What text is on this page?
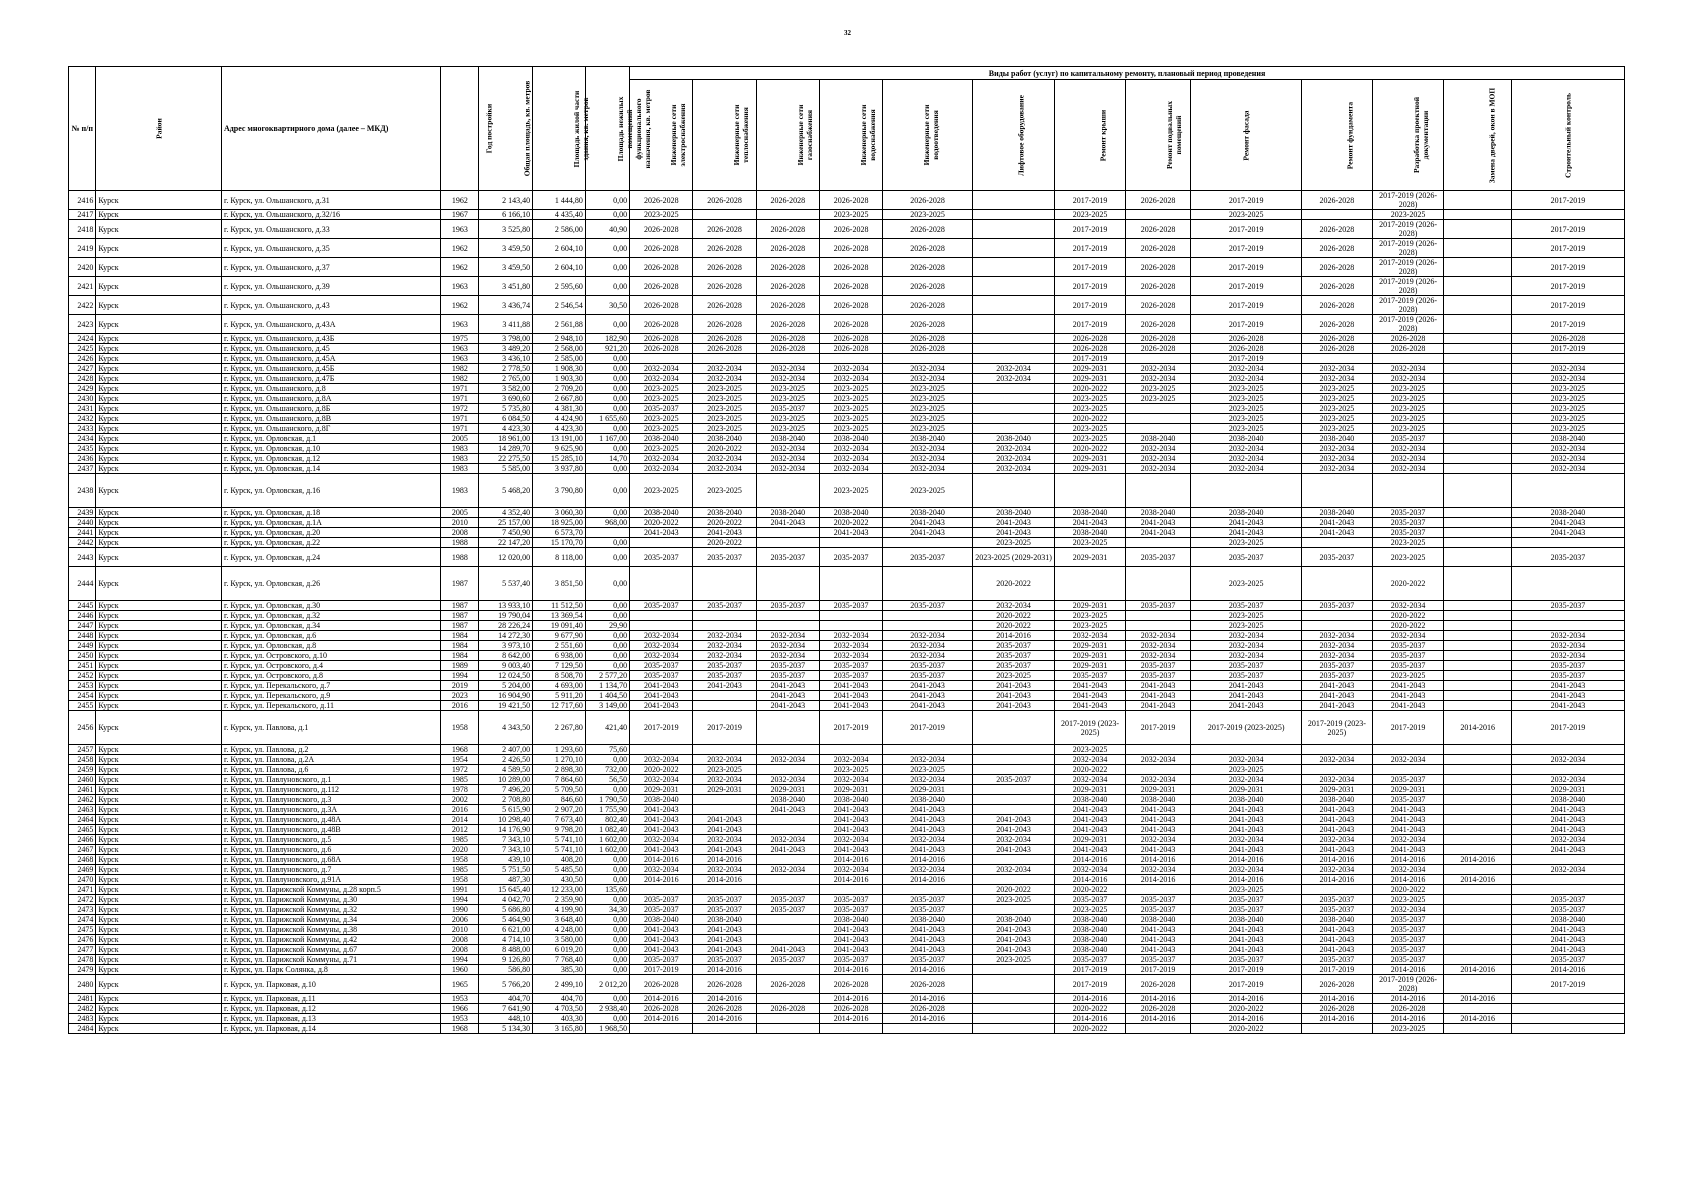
32
№ п/п	Район	Адрес многоквартирного дома (далее – МКД)	Год постройки	Общая площадь, кв. метров	Площадь жилой части здания, кв. метров	Площадь нежилых помещений функционального назначения, кв. метров	Виды работ (услуг) по капитальному ремонту, плановый период проведения												
							Инженерные сети электроснабжения	Инженерные сети теплоснабжения	Инженерные сети газоснабжения	Инженерные сети водоснабжения	Инженерные сети водоотведения	Лифтовое оборудование	Ремонт крыши	Ремонт подвальных помещений	Ремонт фасада	Ремонт фундамента	Разработка проектной документации	Замена дверей, окон в МОП	Строительный контроль
2416	Курск	г. Курск, ул. Ольшанского, д.31	1962	2 143,40	1 444,80	0,00	2026-2028	2026-2028	2026-2028	2026-2028	2026-2028		2017-2019	2026-2028	2017-2019	2026-2028	2017-2019 (2026-2028)		2017-2019
2417	Курск	г. Курск, ул. Ольшанского, д.32/16	1967	6 166,10	4 435,40	0,00	2023-2025			2023-2025	2023-2025		2023-2025		2023-2025		2023-2025		
2418	Курск	г. Курск, ул. Ольшанского, д.33	1963	3 525,80	2 586,00	40,90	2026-2028	2026-2028	2026-2028	2026-2028	2026-2028		2017-2019	2026-2028	2017-2019	2026-2028	2017-2019 (2026-2028)		2017-2019
2419	Курск	г. Курск, ул. Ольшанского, д.35	1962	3 459,50	2 604,10	0,00	2026-2028	2026-2028	2026-2028	2026-2028	2026-2028		2017-2019	2026-2028	2017-2019	2026-2028	2017-2019 (2026-2028)		2017-2019
2420	Курск	г. Курск, ул. Ольшанского, д.37	1962	3 459,50	2 604,10	0,00	2026-2028	2026-2028	2026-2028	2026-2028	2026-2028		2017-2019	2026-2028	2017-2019	2026-2028	2017-2019 (2026-2028)		2017-2019
2421	Курск	г. Курск, ул. Ольшанского, д.39	1963	3 451,80	2 595,60	0,00	2026-2028	2026-2028	2026-2028	2026-2028	2026-2028		2017-2019	2026-2028	2017-2019	2026-2028	2017-2019 (2026-2028)		2017-2019
2422	Курск	г. Курск, ул. Ольшанского, д.43	1962	3 436,74	2 546,54	30,50	2026-2028	2026-2028	2026-2028	2026-2028	2026-2028		2017-2019	2026-2028	2017-2019	2026-2028	2017-2019 (2026-2028)		2017-2019
2423	Курск	г. Курск, ул. Ольшанского, д.43А	1963	3 411,88	2 561,88	0,00	2026-2028	2026-2028	2026-2028	2026-2028	2026-2028		2017-2019	2026-2028	2017-2019	2026-2028	2017-2019 (2026-2028)		2017-2019
2424	Курск	г. Курск, ул. Ольшанского, д.43Б	1975	3 798,00	2 948,10	182,90	2026-2028	2026-2028	2026-2028	2026-2028	2026-2028		2026-2028	2026-2028	2026-2028	2026-2028	2026-2028		2026-2028
2425	Курск	г. Курск, ул. Ольшанского, д.45	1963	3 489,20	2 568,00	921,20	2026-2028	2026-2028	2026-2028	2026-2028	2026-2028		2026-2028	2026-2028	2026-2028	2026-2028	2026-2028		2017-2019
2426	Курск	г. Курск, ул. Ольшанского, д.45А	1963	3 436,10	2 585,00	0,00							2017-2019		2017-2019				
2427	Курск	г. Курск, ул. Ольшанского, д.45Б	1982	2 778,50	1 908,30	0,00	2032-2034	2032-2034	2032-2034	2032-2034	2032-2034	2032-2034	2029-2031	2032-2034	2032-2034	2032-2034	2032-2034		2032-2034
2428	Курск	г. Курск, ул. Ольшанского, д.47Б	1982	2 765,00	1 903,30	0,00	2032-2034	2032-2034	2032-2034	2032-2034	2032-2034	2032-2034	2029-2031	2032-2034	2032-2034	2032-2034	2032-2034		2032-2034
2429	Курск	г. Курск, ул. Ольшанского, д.8	1971	3 582,00	2 709,20	0,00	2023-2025	2023-2025	2023-2025	2023-2025	2023-2025		2020-2022	2023-2025	2023-2025	2023-2025	2023-2025		2023-2025
2430	Курск	г. Курск, ул. Ольшанского, д.8А	1971	3 690,60	2 667,80	0,00	2023-2025	2023-2025	2023-2025	2023-2025	2023-2025		2023-2025	2023-2025	2023-2025	2023-2025	2023-2025		2023-2025
2431	Курск	г. Курск, ул. Ольшанского, д.8Б	1972	5 735,80	4 381,30	0,00	2035-2037	2023-2025	2035-2037	2023-2025	2023-2025		2023-2025		2023-2025	2023-2025	2023-2025		2023-2025
2432	Курск	г. Курск, ул. Ольшанского, д.8В	1971	6 084,50	4 424,90	1 655,60	2023-2025	2023-2025	2023-2025	2023-2025	2023-2025		2020-2022		2023-2025	2023-2025	2023-2025		2023-2025
2433	Курск	г. Курск, ул. Ольшанского, д.8Г	1971	4 423,30	4 423,30	0,00	2023-2025	2023-2025	2023-2025	2023-2025	2023-2025		2023-2025		2023-2025	2023-2025	2023-2025		2023-2025
2434	Курск	г. Курск, ул. Орловская, д.1	2005	18 961,00	13 191,00	1 167,00	2038-2040	2038-2040	2038-2040	2038-2040	2038-2040	2038-2040	2023-2025	2038-2040	2038-2040	2038-2040	2035-2037		2038-2040
2435	Курск	г. Курск, ул. Орловская, д.10	1983	14 289,70	9 625,90	0,00	2023-2025	2020-2022	2032-2034	2032-2034	2032-2034	2032-2034	2020-2022	2032-2034	2032-2034	2032-2034	2032-2034		2032-2034
2436	Курск	г. Курск, ул. Орловская, д.12	1983	22 275,50	15 285,10	14,70	2032-2034	2032-2034	2032-2034	2032-2034	2032-2034	2032-2034	2029-2031	2032-2034	2032-2034	2032-2034	2032-2034		2032-2034
2437	Курск	г. Курск, ул. Орловская, д.14	1983	5 585,00	3 937,80	0,00	2032-2034	2032-2034	2032-2034	2032-2034	2032-2034	2032-2034	2029-2031	2032-2034	2032-2034	2032-2034	2032-2034		2032-2034
2438	Курск	г. Курск, ул. Орловская, д.16	1983	5 468,20	3 790,80	0,00	2023-2025	2023-2025		2023-2025	2023-2025								
2439	Курск	г. Курск, ул. Орловская, д.18	2005	4 352,40	3 060,30	0,00	2038-2040	2038-2040	2038-2040	2038-2040	2038-2040	2038-2040	2038-2040	2038-2040	2038-2040	2038-2040	2035-2037		2038-2040
2440	Курск	г. Курск, ул. Орловская, д.1А	2010	25 157,00	18 925,00	968,00	2020-2022	2020-2022	2041-2043	2020-2022	2041-2043	2041-2043	2041-2043	2041-2043	2041-2043	2041-2043	2035-2037		2041-2043
2441	Курск	г. Курск, ул. Орловская, д.20	2008	7 450,90	6 573,70		2041-2043	2041-2043		2041-2043	2041-2043	2041-2043	2038-2040	2041-2043	2041-2043	2041-2043	2035-2037		2041-2043
2442	Курск	г. Курск, ул. Орловская, д.22	1988	22 147,20	15 170,70	0,00		2020-2022				2023-2025	2023-2025		2023-2025		2023-2025		
2443	Курск	г. Курск, ул. Орловская, д.24	1988	12 020,00	8 118,00	0,00	2035-2037	2035-2037	2035-2037	2035-2037	2035-2037	2023-2025 (2029-2031)	2029-2031	2035-2037	2035-2037	2035-2037	2023-2025		2035-2037
2444	Курск	г. Курск, ул. Орловская, д.26	1987	5 537,40	3 851,50	0,00						2020-2022			2023-2025		2020-2022		
2445	Курск	г. Курск, ул. Орловская, д.30	1987	13 933,10	11 512,50	0,00	2035-2037	2035-2037	2035-2037	2035-2037	2035-2037	2032-2034	2029-2031	2035-2037	2035-2037	2035-2037	2032-2034		2035-2037
2446	Курск	г. Курск, ул. Орловская, д.32	1987	19 790,04	13 369,54	0,00						2020-2022	2023-2025		2023-2025		2020-2022		
2447	Курск	г. Курск, ул. Орловская, д.34	1987	28 226,24	19 091,40	29,90						2020-2022	2023-2025		2023-2025		2020-2022		
2448	Курск	г. Курск, ул. Орловская, д.6	1984	14 272,30	9 677,90	0,00	2032-2034	2032-2034	2032-2034	2032-2034	2032-2034	2014-2016	2032-2034	2032-2034	2032-2034	2032-2034	2032-2034		2032-2034
2449	Курск	г. Курск, ул. Орловская, д.8	1984	3 973,10	2 551,60	0,00	2032-2034	2032-2034	2032-2034	2032-2034	2032-2034	2035-2037	2029-2031	2032-2034	2032-2034	2032-2034	2035-2037		2032-2034
2450	Курск	г. Курск, ул. Островского, д.10	1984	8 642,00	6 938,00	0,00	2032-2034	2032-2034	2032-2034	2032-2034	2032-2034	2035-2037	2029-2031	2032-2034	2032-2034	2032-2034	2035-2037		2032-2034
2451	Курск	г. Курск, ул. Островского, д.4	1989	9 003,40	7 129,50	0,00	2035-2037	2035-2037	2035-2037	2035-2037	2035-2037	2035-2037	2029-2031	2035-2037	2035-2037	2035-2037	2035-2037		2035-2037
2452	Курск	г. Курск, ул. Островского, д.8	1994	12 024,50	8 508,70	2 577,20	2035-2037	2035-2037	2035-2037	2035-2037	2035-2037	2023-2025	2035-2037	2035-2037	2035-2037	2035-2037	2023-2025		2035-2037
2453	Курск	г. Курск, ул. Перекальского, д.7	2019	5 204,00	4 693,00	1 134,70	2041-2043	2041-2043	2041-2043	2041-2043	2041-2043	2041-2043	2041-2043	2041-2043	2041-2043	2041-2043	2041-2043		2041-2043
2454	Курск	г. Курск, ул. Перекальского, д.9	2023	16 904,90	5 911,20	1 404,50	2041-2043		2041-2043	2041-2043	2041-2043	2041-2043	2041-2043	2041-2043	2041-2043	2041-2043	2041-2043		2041-2043
2455	Курск	г. Курск, ул. Перекальского, д.11	2016	19 421,50	12 717,60	3 149,00	2041-2043		2041-2043	2041-2043	2041-2043	2041-2043	2041-2043	2041-2043	2041-2043	2041-2043	2041-2043		2041-2043
2456	Курск	г. Курск, ул. Павлова, д.1	1958	4 343,50	2 267,80	421,40	2017-2019	2017-2019		2017-2019	2017-2019		2017-2019 (2023-2025)	2017-2019	2017-2019 (2023-2025)	2017-2019 (2023-2025)	2017-2019	2014-2016	2017-2019
2457	Курск	г. Курск, ул. Павлова, д.2	1968	2 407,00	1 293,60	75,60							2023-2025						
2458	Курск	г. Курск, ул. Павлова, д.2А	1954	2 426,50	1 270,10	0,00	2032-2034	2032-2034	2032-2034	2032-2034	2032-2034		2032-2034	2032-2034	2032-2034	2032-2034	2032-2034		2032-2034
2459	Курск	г. Курск, ул. Павлова, д.6	1972	4 589,50	2 898,30	732,00	2020-2022	2023-2025		2023-2025	2023-2025		2020-2022		2023-2025				
2460	Курск	г. Курск, ул. Павлуновского, д.1	1985	10 289,00	7 864,60	56,50	2032-2034	2032-2034	2032-2034	2032-2034	2032-2034	2035-2037	2032-2034	2032-2034	2032-2034	2032-2034	2035-2037		2032-2034
2461	Курск	г. Курск, ул. Павлуновского, д.112	1978	7 496,20	5 709,50	0,00	2029-2031	2029-2031	2029-2031	2029-2031	2029-2031		2029-2031	2029-2031	2029-2031	2029-2031	2029-2031		2029-2031
2462	Курск	г. Курск, ул. Павлуновского, д.3	2002	2 708,80	846,60	1 790,50	2038-2040		2038-2040	2038-2040	2038-2040		2038-2040	2038-2040	2038-2040	2038-2040	2035-2037		2038-2040
2463	Курск	г. Курск, ул. Павлуновского, д.3А	2016	5 615,90	2 907,20	1 755,90	2041-2043		2041-2043	2041-2043	2041-2043		2041-2043	2041-2043	2041-2043	2041-2043	2041-2043		2041-2043
2464	Курск	г. Курск, ул. Павлуновского, д.48А	2014	10 298,40	7 673,40	802,40	2041-2043	2041-2043		2041-2043	2041-2043	2041-2043	2041-2043	2041-2043	2041-2043	2041-2043	2041-2043		2041-2043
2465	Курск	г. Курск, ул. Павлуновского, д.48В	2012	14 176,90	9 798,20	1 082,40	2041-2043	2041-2043		2041-2043	2041-2043	2041-2043	2041-2043	2041-2043	2041-2043	2041-2043	2041-2043		2041-2043
2466	Курск	г. Курск, ул. Павлуновского, д.5	1985	7 343,10	5 741,10	1 602,00	2032-2034	2032-2034	2032-2034	2032-2034	2032-2034	2032-2034	2029-2031	2032-2034	2032-2034	2032-2034	2032-2034		2032-2034
2467	Курск	г. Курск, ул. Павлуновского, д.6	2020	7 343,10	5 741,10	1 602,00	2041-2043	2041-2043	2041-2043	2041-2043	2041-2043	2041-2043	2041-2043	2041-2043	2041-2043	2041-2043	2041-2043		2041-2043
2468	Курск	г. Курск, ул. Павлуновского, д.68А	1958	439,10	408,20	0,00	2014-2016	2014-2016		2014-2016	2014-2016		2014-2016	2014-2016	2014-2016	2014-2016	2014-2016	2014-2016	
2469	Курск	г. Курск, ул. Павлуновского, д.7	1985	5 751,50	5 485,50	0,00	2032-2034	2032-2034	2032-2034	2032-2034	2032-2034	2032-2034	2032-2034	2032-2034	2032-2034	2032-2034	2032-2034		2032-2034
2470	Курск	г. Курск, ул. Павлуновского, д.91А	1958	487,30	430,50	0,00	2014-2016	2014-2016		2014-2016	2014-2016		2014-2016	2014-2016	2014-2016	2014-2016	2014-2016	2014-2016	
2471	Курск	г. Курск, ул. Парижской Коммуны, д.28 корп.5	1991	15 645,40	12 233,00	135,60						2020-2022	2020-2022		2023-2025		2020-2022		
2472	Курск	г. Курск, ул. Парижской Коммуны, д.30	1994	4 042,70	2 359,90	0,00	2035-2037	2035-2037	2035-2037	2035-2037	2035-2037	2023-2025	2035-2037	2035-2037	2035-2037	2035-2037	2023-2025		2035-2037
2473	Курск	г. Курск, ул. Парижской Коммуны, д.32	1990	5 686,80	4 199,90	34,30	2035-2037	2035-2037	2035-2037	2035-2037	2035-2037		2023-2025	2035-2037	2035-2037	2035-2037	2032-2034		2035-2037
2474	Курск	г. Курск, ул. Парижской Коммуны, д.34	2006	5 464,90	3 648,40	0,00	2038-2040	2038-2040		2038-2040	2038-2040	2038-2040	2038-2040	2038-2040	2038-2040	2038-2040	2035-2037		2038-2040
2475	Курск	г. Курск, ул. Парижской Коммуны, д.38	2010	6 621,00	4 248,00	0,00	2041-2043	2041-2043		2041-2043	2041-2043	2041-2043	2038-2040	2041-2043	2041-2043	2041-2043	2035-2037		2041-2043
2476	Курск	г. Курск, ул. Парижской Коммуны, д.42	2008	4 714,10	3 580,00	0,00	2041-2043	2041-2043		2041-2043	2041-2043	2041-2043	2038-2040	2041-2043	2041-2043	2041-2043	2035-2037		2041-2043
2477	Курск	г. Курск, ул. Парижской Коммуны, д.67	2008	8 488,00	6 019,20	0,00	2041-2043	2041-2043	2041-2043	2041-2043	2041-2043	2041-2043	2038-2040	2041-2043	2041-2043	2041-2043	2035-2037		2041-2043
2478	Курск	г. Курск, ул. Парижской Коммуны, д.71	1994	9 126,80	7 768,40	0,00	2035-2037	2035-2037	2035-2037	2035-2037	2035-2037	2023-2025	2035-2037	2035-2037	2035-2037	2035-2037	2035-2037		2035-2037
2479	Курск	г. Курск, ул. Парк Солянка, д.8	1960	586,80	385,30	0,00	2017-2019	2014-2016		2014-2016	2014-2016		2017-2019	2017-2019	2017-2019	2017-2019	2014-2016	2014-2016	2014-2016
2480	Курск	г. Курск, ул. Парковая, д.10	1965	5 766,20	2 499,10	2 012,20	2026-2028	2026-2028	2026-2028	2026-2028	2026-2028		2017-2019	2026-2028	2017-2019	2026-2028	2017-2019 (2026-2028)		2017-2019
2481	Курск	г. Курск, ул. Парковая, д.11	1953	404,70	404,70	0,00	2014-2016	2014-2016		2014-2016	2014-2016		2014-2016	2014-2016	2014-2016	2014-2016	2014-2016	2014-2016	
2482	Курск	г. Курск, ул. Парковая, д.12	1966	7 641,90	4 703,50	2 938,40	2026-2028	2026-2028	2026-2028	2026-2028	2026-2028		2020-2022	2026-2028	2020-2022	2026-2028	2026-2028		
2483	Курск	г. Курск, ул. Парковая, д.13	1953	448,10	403,30	0,00	2014-2016	2014-2016		2014-2016	2014-2016		2014-2016	2014-2016	2014-2016	2014-2016	2014-2016	2014-2016	
2484	Курск	г. Курск, ул. Парковая, д.14	1968	5 134,30	3 165,80	1 968,50							2020-2022		2020-2022		2023-2025		
